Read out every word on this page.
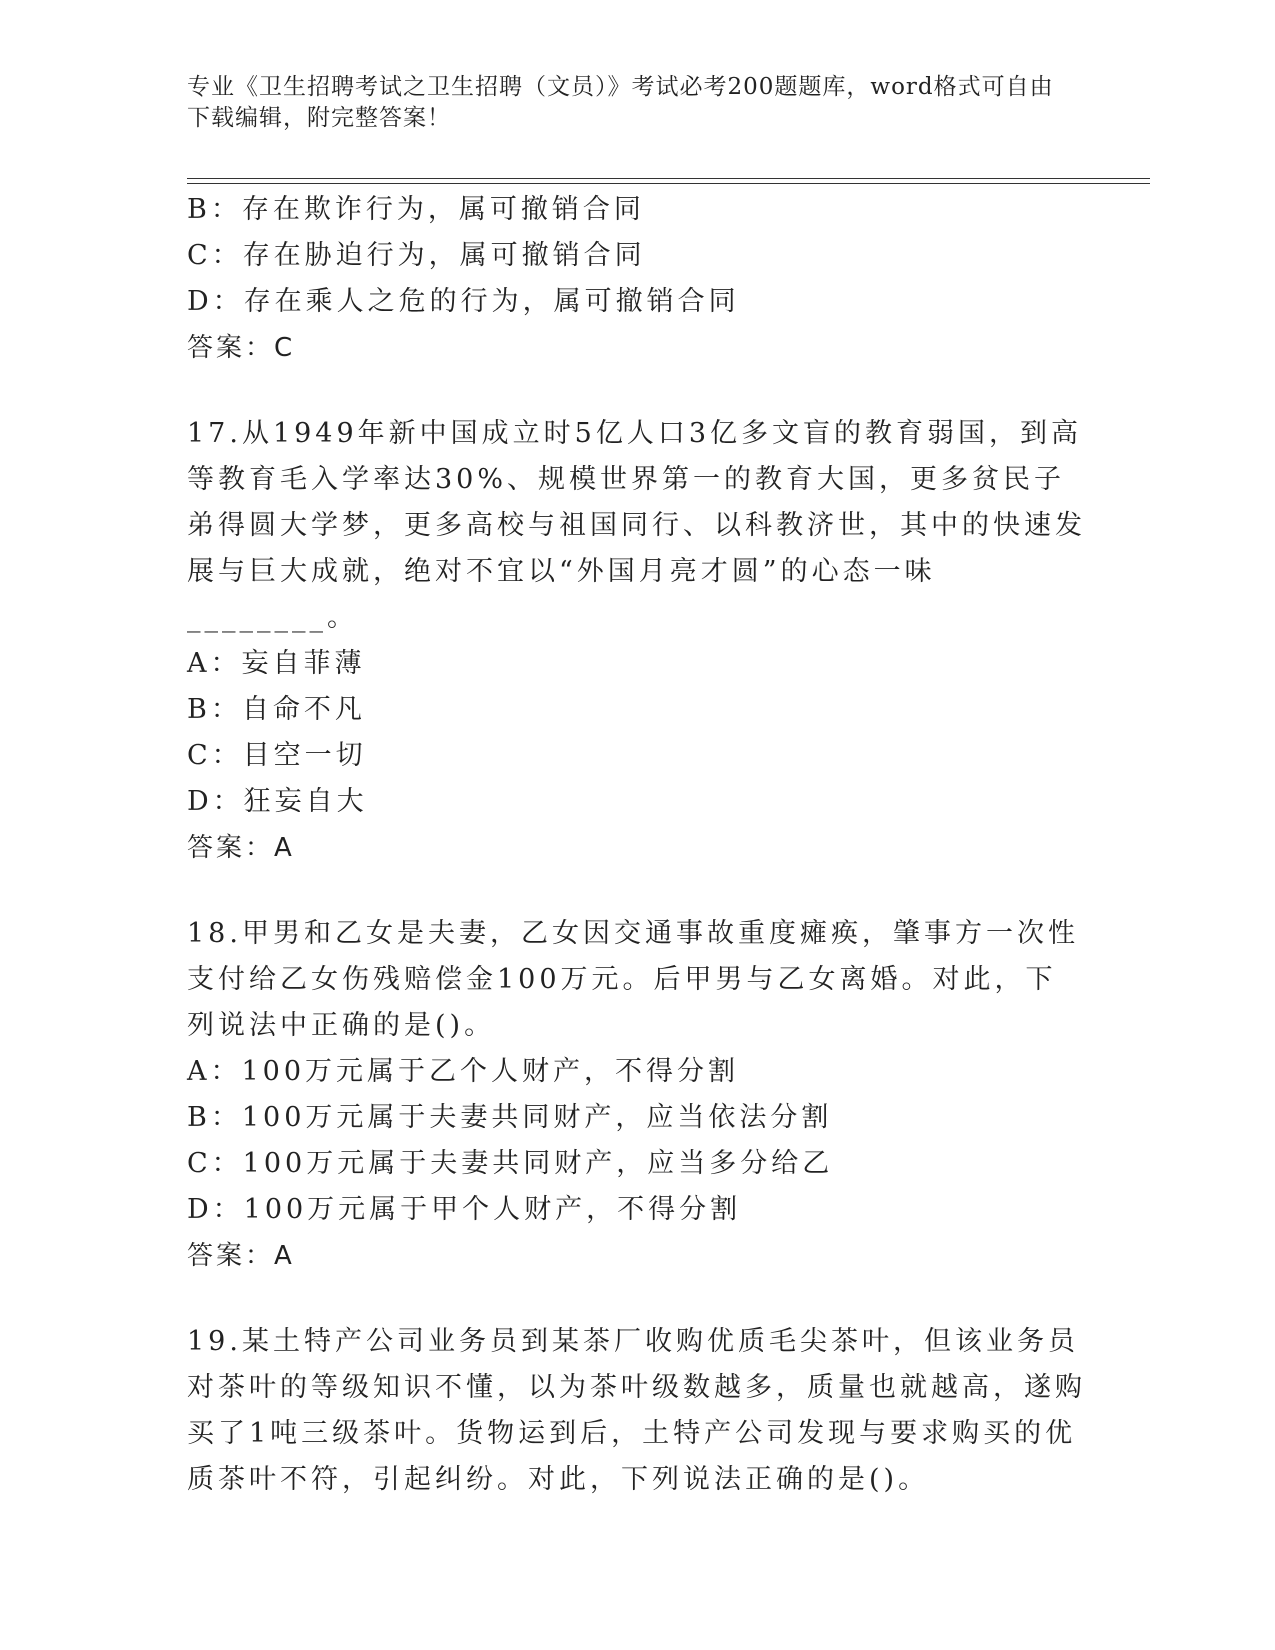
专业《卫生招聘考试之卫生招聘（文员）》考试必考200题题库，word格式可自由下载编辑，附完整答案！
B：存在欺诈行为，属可撤销合同
C：存在胁迫行为，属可撤销合同
D：存在乘人之危的行为，属可撤销合同
答案：C
17.从1949年新中国成立时5亿人口3亿多文盲的教育弱国，到高等教育毛入学率达30%、规模世界第一的教育大国，更多贫民子弟得圆大学梦，更多高校与祖国同行、以科教济世，其中的快速发展与巨大成就，绝对不宜以“外国月亮才圆”的心态一味________。
A：妄自菲薄
B：自命不凡
C：目空一切
D：狂妄自大
答案：A
18.甲男和乙女是夫妻，乙女因交通事故重度瘫痪，肇事方一次性支付给乙女伤残赔偿金100万元。后甲男与乙女离婚。对此，下列说法中正确的是()。
A：100万元属于乙个人财产，不得分割
B：100万元属于夫妻共同财产，应当依法分割
C：100万元属于夫妻共同财产，应当多分给乙
D：100万元属于甲个人财产，不得分割
答案：A
19.某土特产公司业务员到某茶厂收购优质毛尖茶叶，但该业务员对茶叶的等级知识不懂，以为茶叶级数越多，质量也就越高，遂购买了1吨三级茶叶。货物运到后，土特产公司发现与要求购买的优质茶叶不符，引起纠纷。对此，下列说法正确的是()。
